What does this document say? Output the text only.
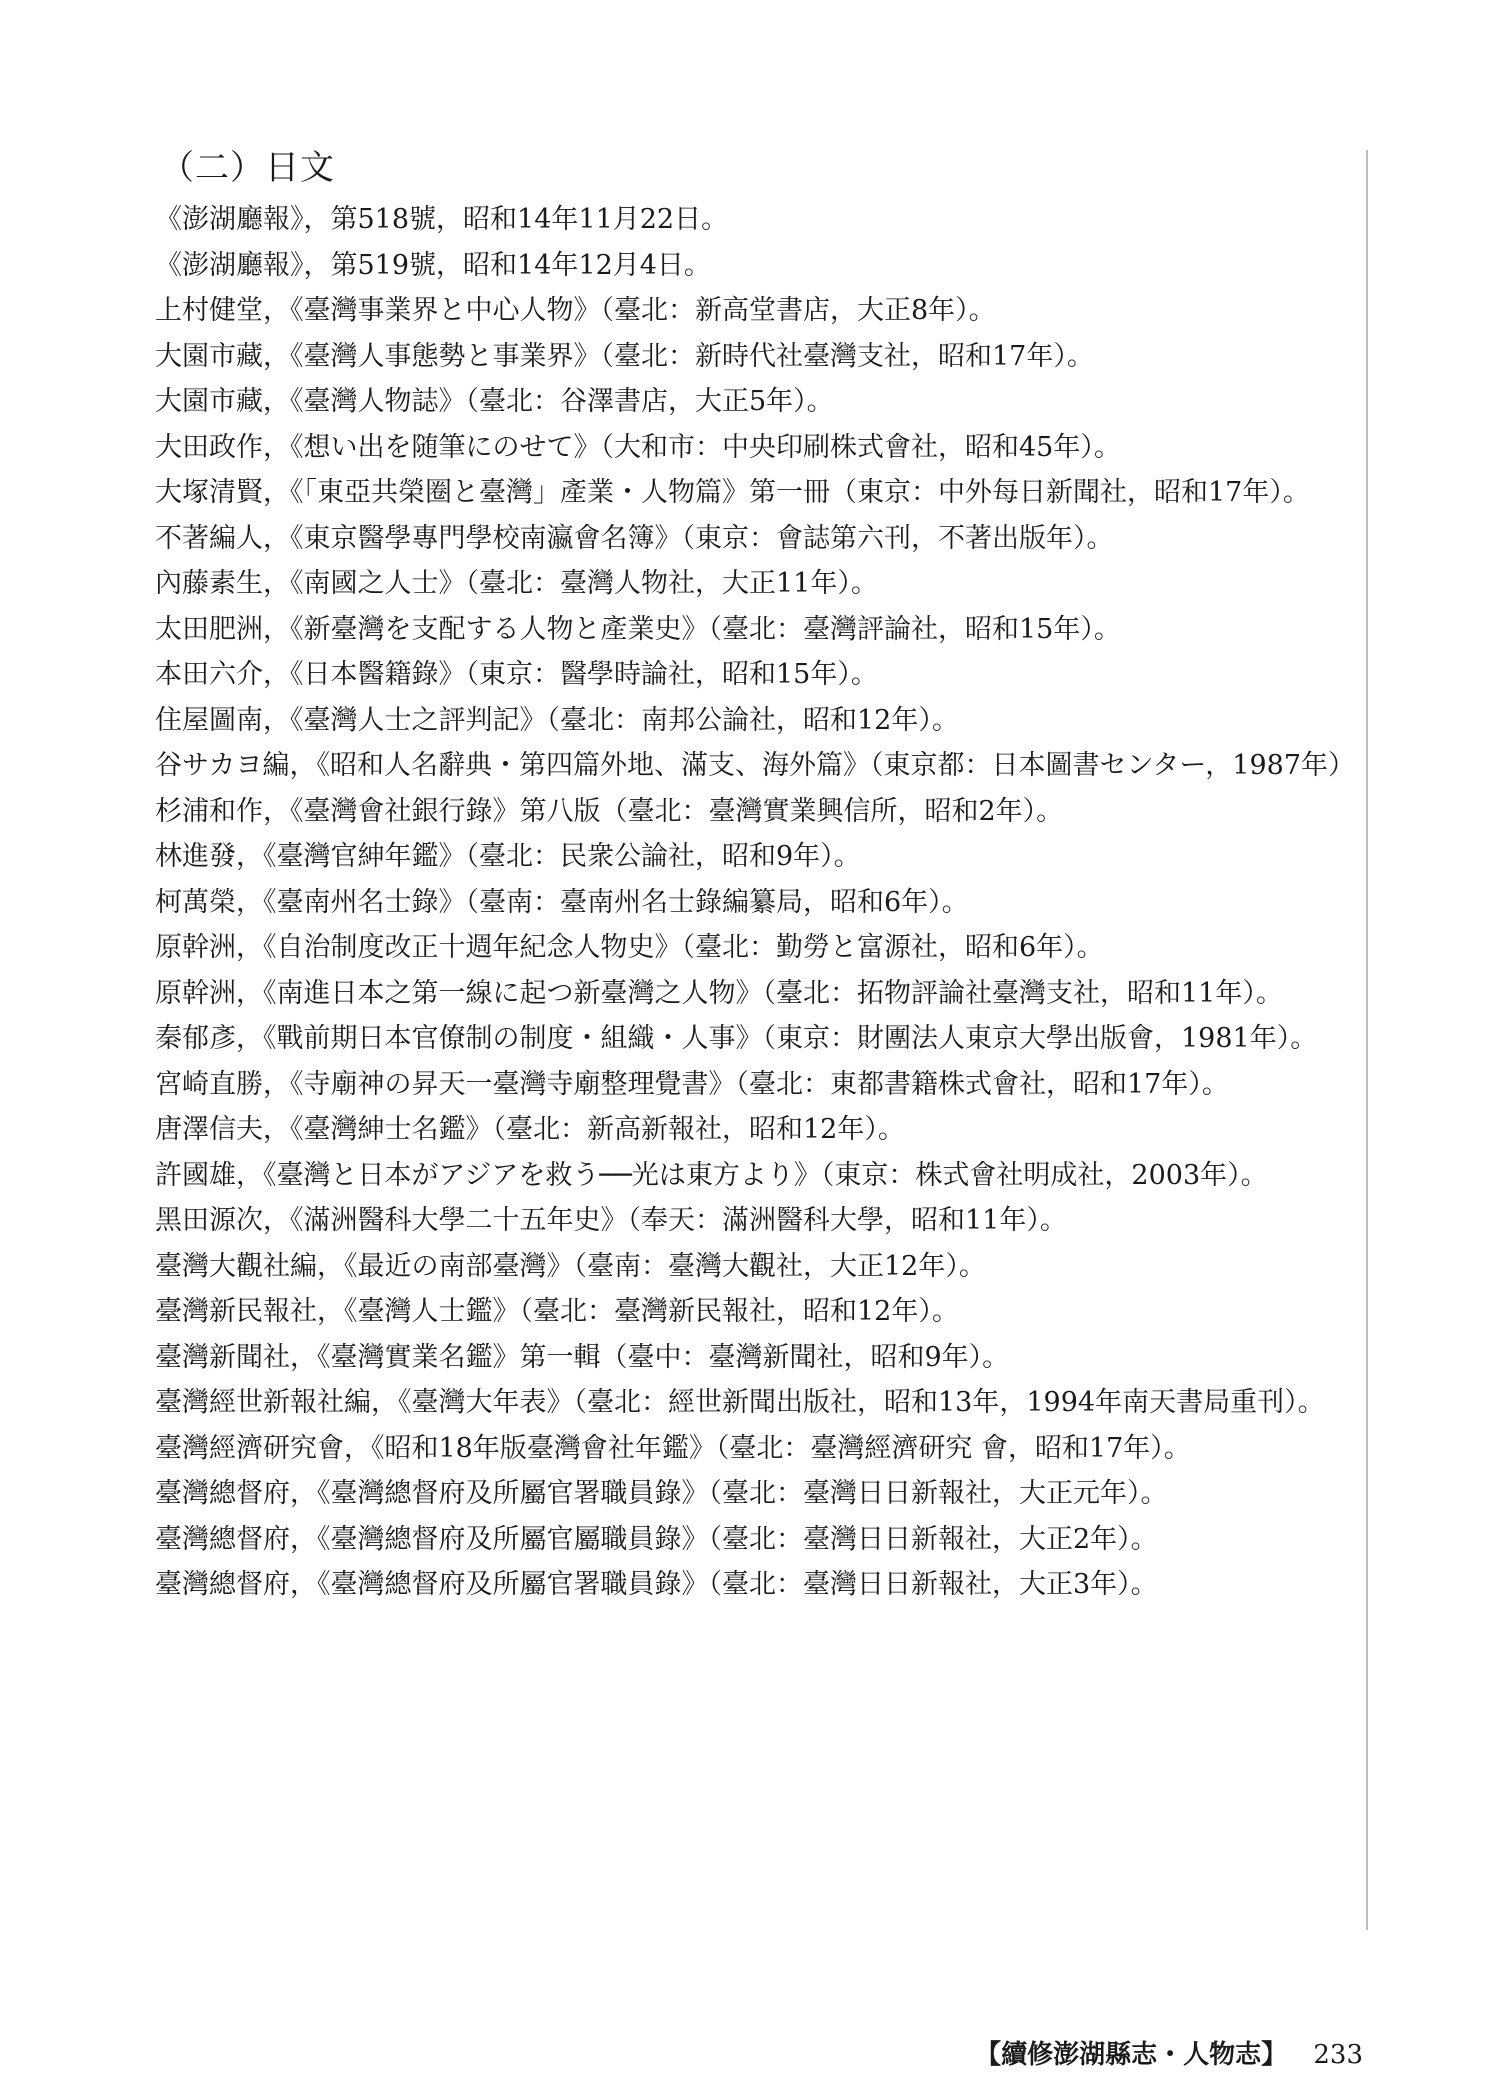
（二）日文
《澎湖廳報》，第518號，昭和14年11月22日。
《澎湖廳報》，第519號，昭和14年12月4日。
上村健堂，《臺灣事業界と中心人物》（臺北：新高堂書店，大正8年）。
大園市藏，《臺灣人事態勢と事業界》（臺北：新時代社臺灣支社，昭和17年）。
大園市藏，《臺灣人物誌》（臺北：谷澤書店，大正5年）。
大田政作，《想い出を随筆にのせて》（大和市：中央印刷株式會社，昭和45年）。
大塚清賢，《「東亞共榮圈と臺灣」產業・人物篇》第一冊（東京：中外每日新聞社，昭和17年）。
不著編人，《東京醫學專門學校南瀛會名簿》（東京：會誌第六刊，不著出版年）。
內藤素生，《南國之人士》（臺北：臺灣人物社，大正11年）。
太田肥洲，《新臺灣を支配する人物と產業史》（臺北：臺灣評論社，昭和15年）。
本田六介，《日本醫籍錄》（東京：醫學時論社，昭和15年）。
住屋圖南，《臺灣人士之評判記》（臺北：南邦公論社，昭和12年）。
谷サカヨ編，《昭和人名辭典・第四篇外地、滿支、海外篇》（東京都：日本圖書センター，1987年）
杉浦和作，《臺灣會社銀行錄》第八版（臺北：臺灣實業興信所，昭和2年）。
林進發，《臺灣官紳年鑑》（臺北：民衆公論社，昭和9年）。
柯萬榮，《臺南州名士錄》（臺南：臺南州名士錄編纂局，昭和6年）。
原幹洲，《自治制度改正十週年紀念人物史》（臺北：勤勞と富源社，昭和6年）。
原幹洲，《南進日本之第一線に起つ新臺灣之人物》（臺北：拓物評論社臺灣支社，昭和11年）。
秦郁彥，《戰前期日本官僚制の制度・組織・人事》（東京：財團法人東京大學出版會，1981年）。
宮崎直勝，《寺廟神の昇天一臺灣寺廟整理覺書》（臺北：東都書籍株式會社，昭和17年）。
唐澤信夫，《臺灣紳士名鑑》（臺北：新高新報社，昭和12年）。
許國雄，《臺灣と日本がアジアを救う──光は東方より》（東京：株式會社明成社，2003年）。
黑田源次，《滿洲醫科大學二十五年史》（奉天：滿洲醫科大學，昭和11年）。
臺灣大觀社編，《最近の南部臺灣》（臺南：臺灣大觀社，大正12年）。
臺灣新民報社，《臺灣人士鑑》（臺北：臺灣新民報社，昭和12年）。
臺灣新聞社，《臺灣實業名鑑》第一輯（臺中：臺灣新聞社，昭和9年）。
臺灣經世新報社編，《臺灣大年表》（臺北：經世新聞出版社，昭和13年，1994年南天書局重刊）。
臺灣經濟研究會，《昭和18年版臺灣會社年鑑》（臺北：臺灣經濟研究 會，昭和17年）。
臺灣總督府，《臺灣總督府及所屬官署職員錄》（臺北：臺灣日日新報社，大正元年）。
臺灣總督府，《臺灣總督府及所屬官屬職員錄》（臺北：臺灣日日新報社，大正2年）。
臺灣總督府，《臺灣總督府及所屬官署職員錄》（臺北：臺灣日日新報社，大正3年）。
【續修澎湖縣志・人物志】 233
